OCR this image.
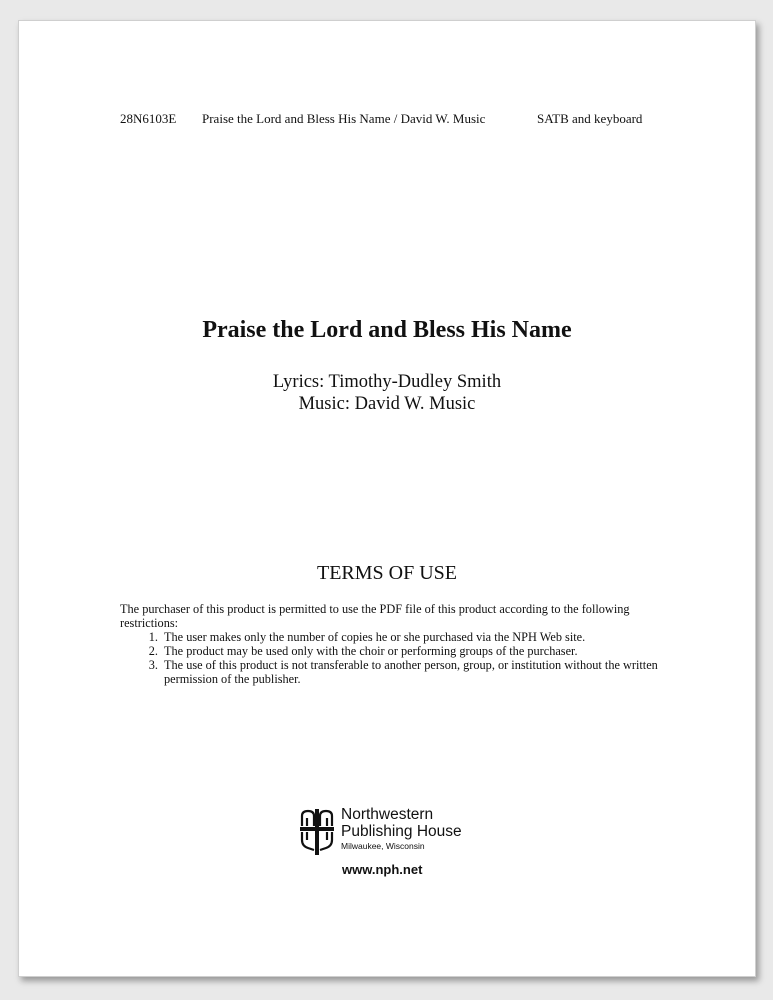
28N6103E Praise the Lord and Bless His Name / David W. Music	SATB and keyboard
Praise the Lord and Bless His Name
Lyrics: Timothy-Dudley Smith
Music: David W. Music
TERMS OF USE

The purchaser of this product is permitted to use the PDF file of this product according to the following restrictions:

1. The user makes only the number of copies he or she purchased via the NPH Web site.
2. The product may be used only with the choir or performing groups of the purchaser.
3. The use of this product is not transferable to another person, group, or institution without the written permission of the publisher.
Northwestern
Publishing House
Milwaukee, Wisconsin
www.nph.net
